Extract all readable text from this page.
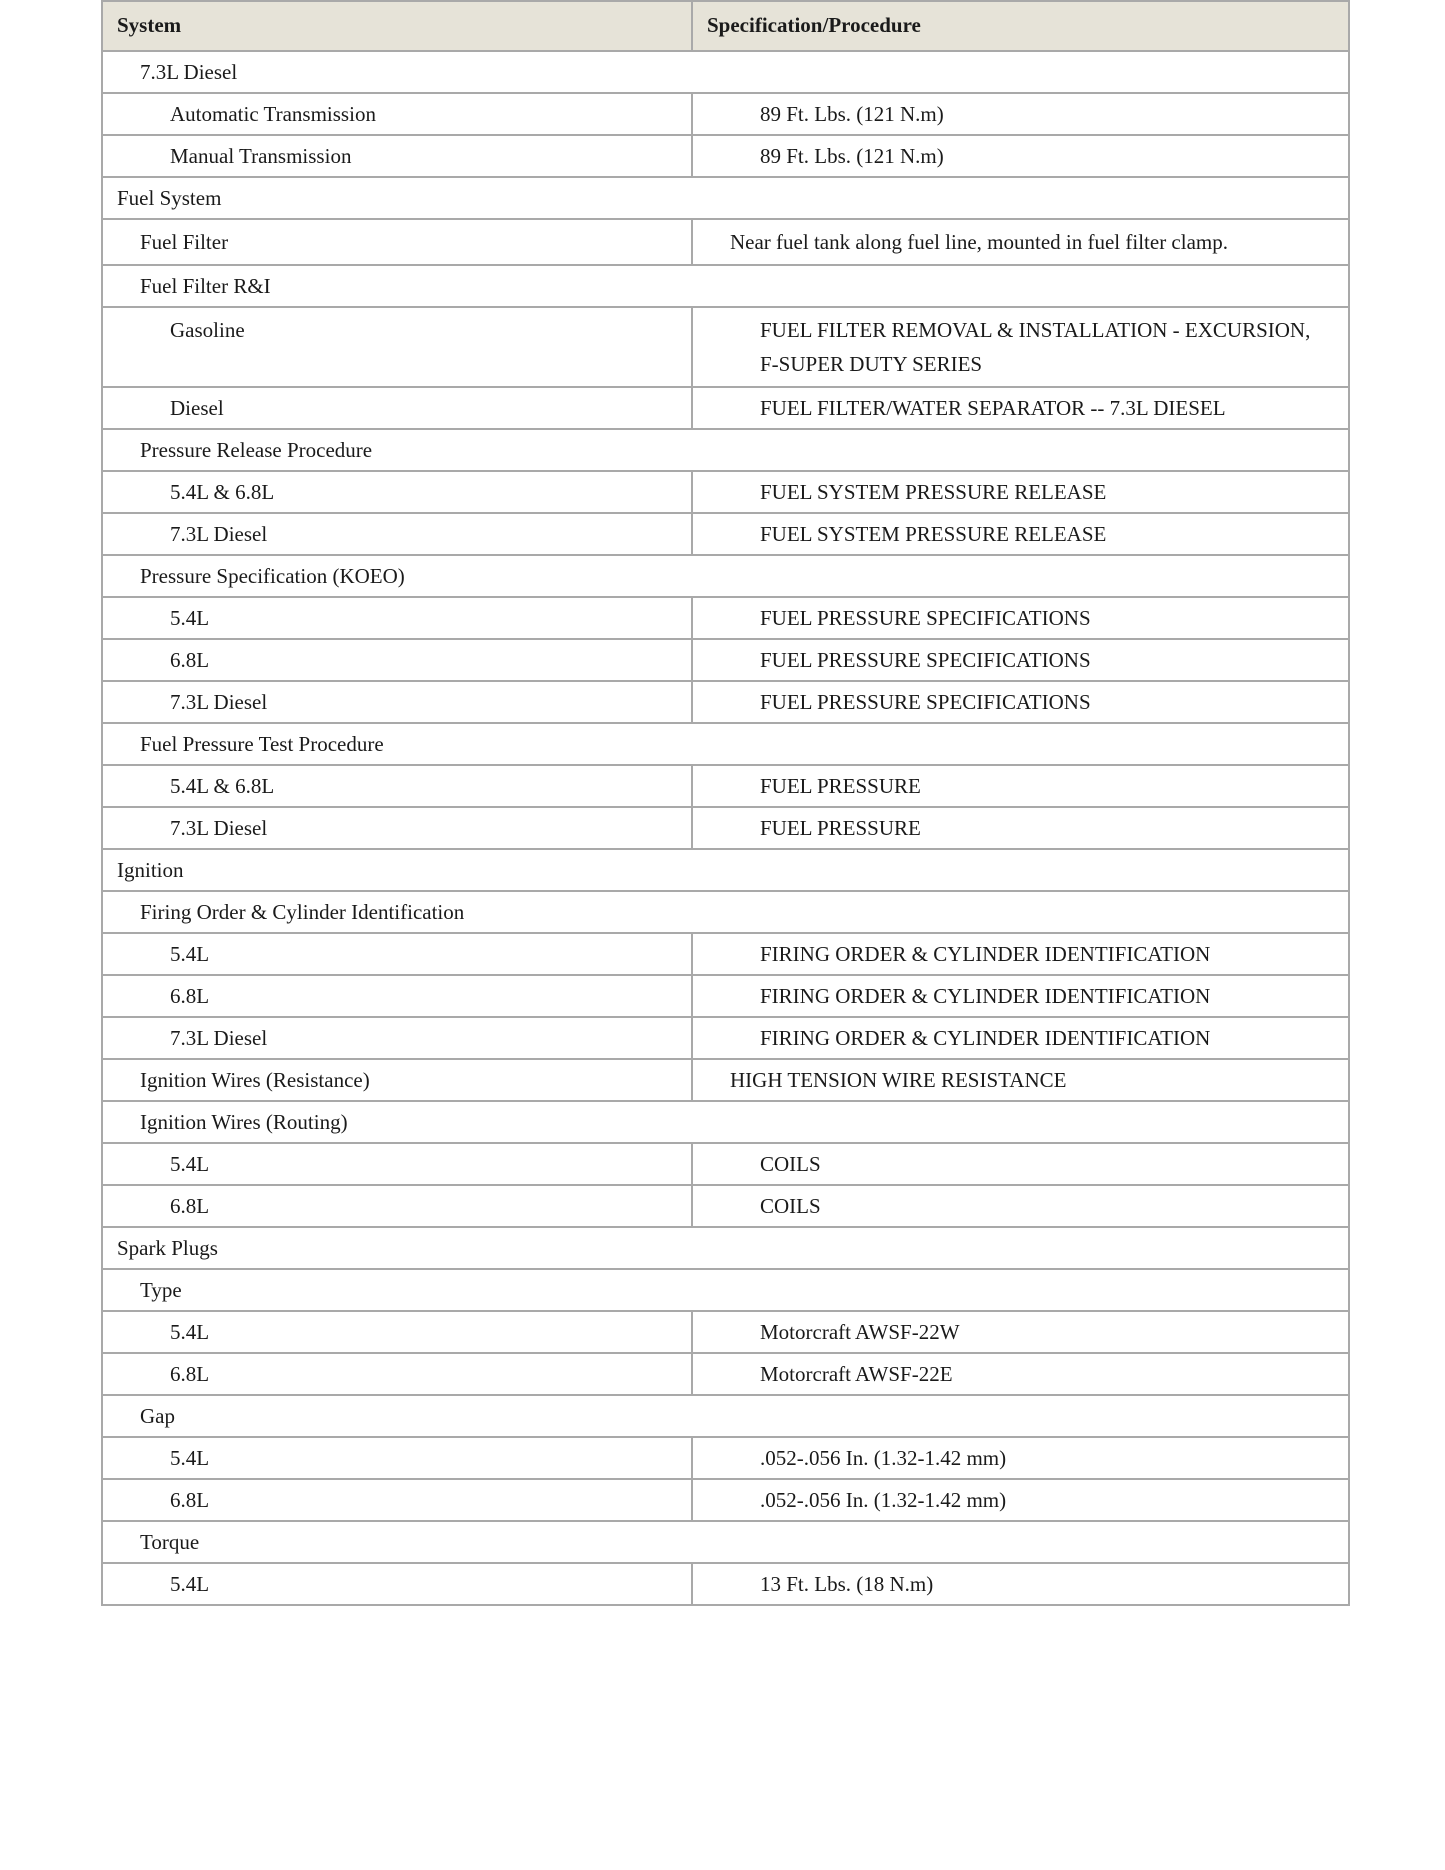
System	Specification/Procedure
7.3L Diesel	
Automatic Transmission	89 Ft. Lbs. (121 N.m)
Manual Transmission	89 Ft. Lbs. (121 N.m)
Fuel System	
Fuel Filter	Near fuel tank along fuel line, mounted in fuel filter clamp.
Fuel Filter R&I	
Gasoline	FUEL FILTER REMOVAL & INSTALLATION - EXCURSION, F-SUPER DUTY SERIES
Diesel	FUEL FILTER/WATER SEPARATOR -- 7.3L DIESEL
Pressure Release Procedure	
5.4L & 6.8L	FUEL SYSTEM PRESSURE RELEASE
7.3L Diesel	FUEL SYSTEM PRESSURE RELEASE
Pressure Specification (KOEO)	
5.4L	FUEL PRESSURE SPECIFICATIONS
6.8L	FUEL PRESSURE SPECIFICATIONS
7.3L Diesel	FUEL PRESSURE SPECIFICATIONS
Fuel Pressure Test Procedure	
5.4L & 6.8L	FUEL PRESSURE
7.3L Diesel	FUEL PRESSURE
Ignition	
Firing Order & Cylinder Identification	
5.4L	FIRING ORDER & CYLINDER IDENTIFICATION
6.8L	FIRING ORDER & CYLINDER IDENTIFICATION
7.3L Diesel	FIRING ORDER & CYLINDER IDENTIFICATION
Ignition Wires (Resistance)	HIGH TENSION WIRE RESISTANCE
Ignition Wires (Routing)	
5.4L	COILS
6.8L	COILS
Spark Plugs	
Type	
5.4L	Motorcraft AWSF-22W
6.8L	Motorcraft AWSF-22E
Gap	
5.4L	.052-.056 In. (1.32-1.42 mm)
6.8L	.052-.056 In. (1.32-1.42 mm)
Torque	
5.4L	13 Ft. Lbs. (18 N.m)
